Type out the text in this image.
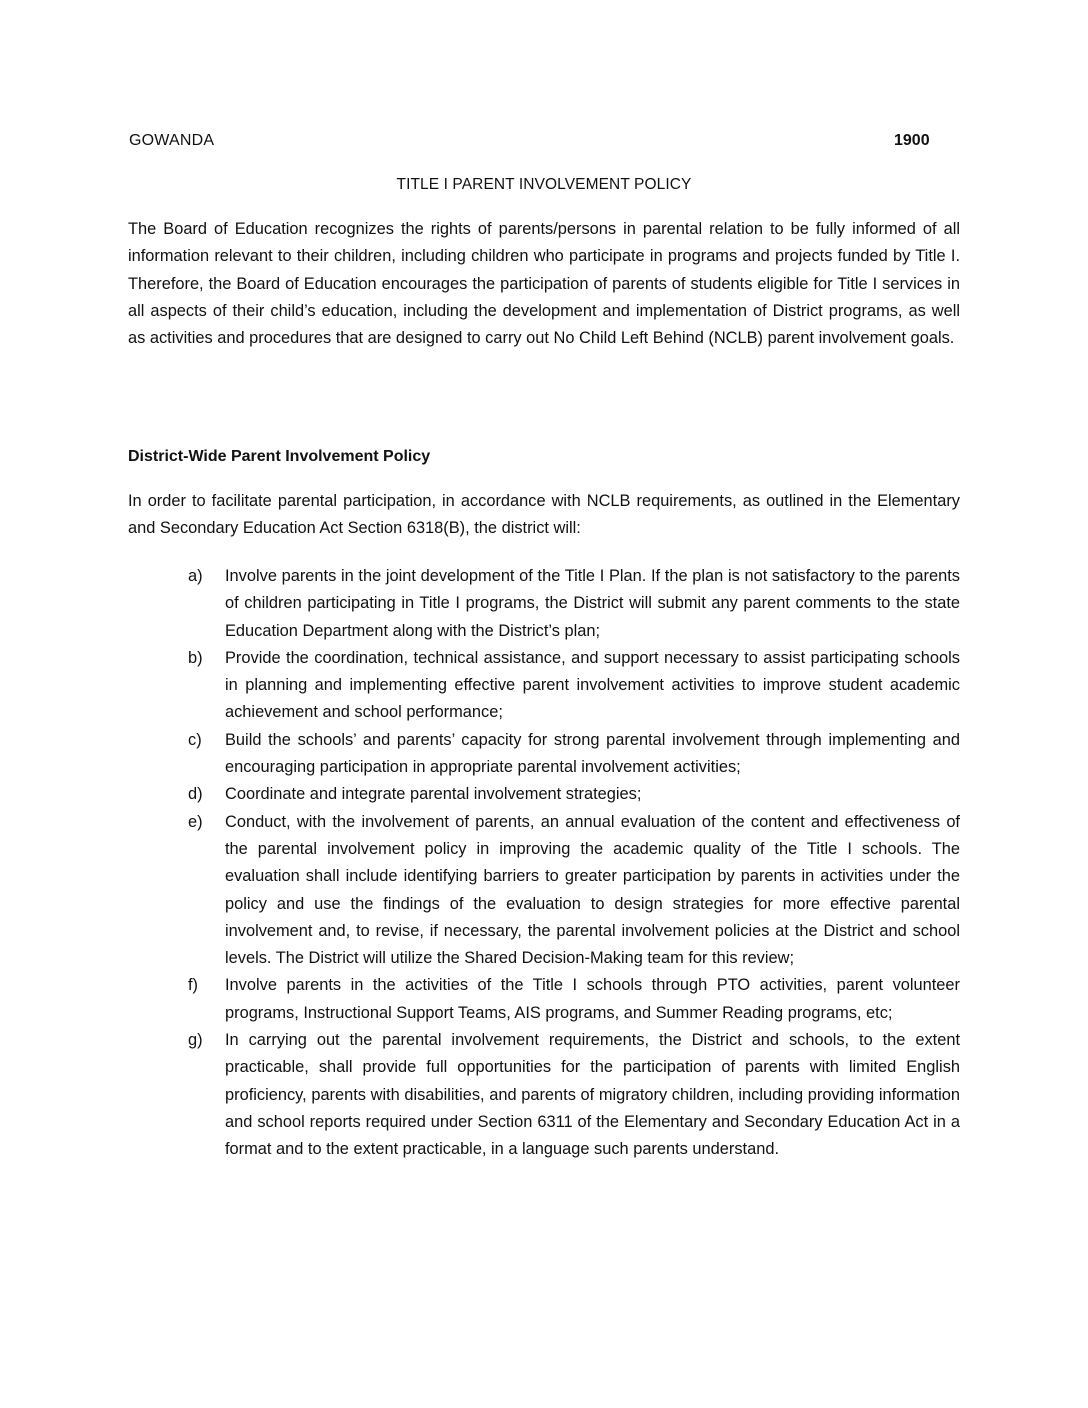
GOWANDA	1900
TITLE I PARENT INVOLVEMENT POLICY

The Board of Education recognizes the rights of parents/persons in parental relation to be fully informed of all information relevant to their children, including children who participate in programs and projects funded by Title I. Therefore, the Board of Education encourages the participation of parents of students eligible for Title I services in all aspects of their child’s education, including the development and implementation of District programs, as well as activities and procedures that are designed to carry out No Child Left Behind (NCLB) parent involvement goals.

District-Wide Parent Involvement Policy

In order to facilitate parental participation, in accordance with NCLB requirements, as outlined in the Elementary and Secondary Education Act Section 6318(B), the district will:

a) Involve parents in the joint development of the Title I Plan. If the plan is not satisfactory to the parents of children participating in Title I programs, the District will submit any parent comments to the state Education Department along with the District’s plan;
b) Provide the coordination, technical assistance, and support necessary to assist participating schools in planning and implementing effective parent involvement activities to improve student academic achievement and school performance;
c) Build the schools’ and parents’ capacity for strong parental involvement through implementing and encouraging participation in appropriate parental involvement activities;
d) Coordinate and integrate parental involvement strategies;
e) Conduct, with the involvement of parents, an annual evaluation of the content and effectiveness of the parental involvement policy in improving the academic quality of the Title I schools. The evaluation shall include identifying barriers to greater participation by parents in activities under the policy and use the findings of the evaluation to design strategies for more effective parental involvement and, to revise, if necessary, the parental involvement policies at the District and school levels. The District will utilize the Shared Decision-Making team for this review;
f) Involve parents in the activities of the Title I schools through PTO activities, parent volunteer programs, Instructional Support Teams, AIS programs, and Summer Reading programs, etc;
g) In carrying out the parental involvement requirements, the District and schools, to the extent practicable, shall provide full opportunities for the participation of parents with limited English proficiency, parents with disabilities, and parents of migratory children, including providing information and school reports required under Section 6311 of the Elementary and Secondary Education Act in a format and to the extent practicable, in a language such parents understand.
